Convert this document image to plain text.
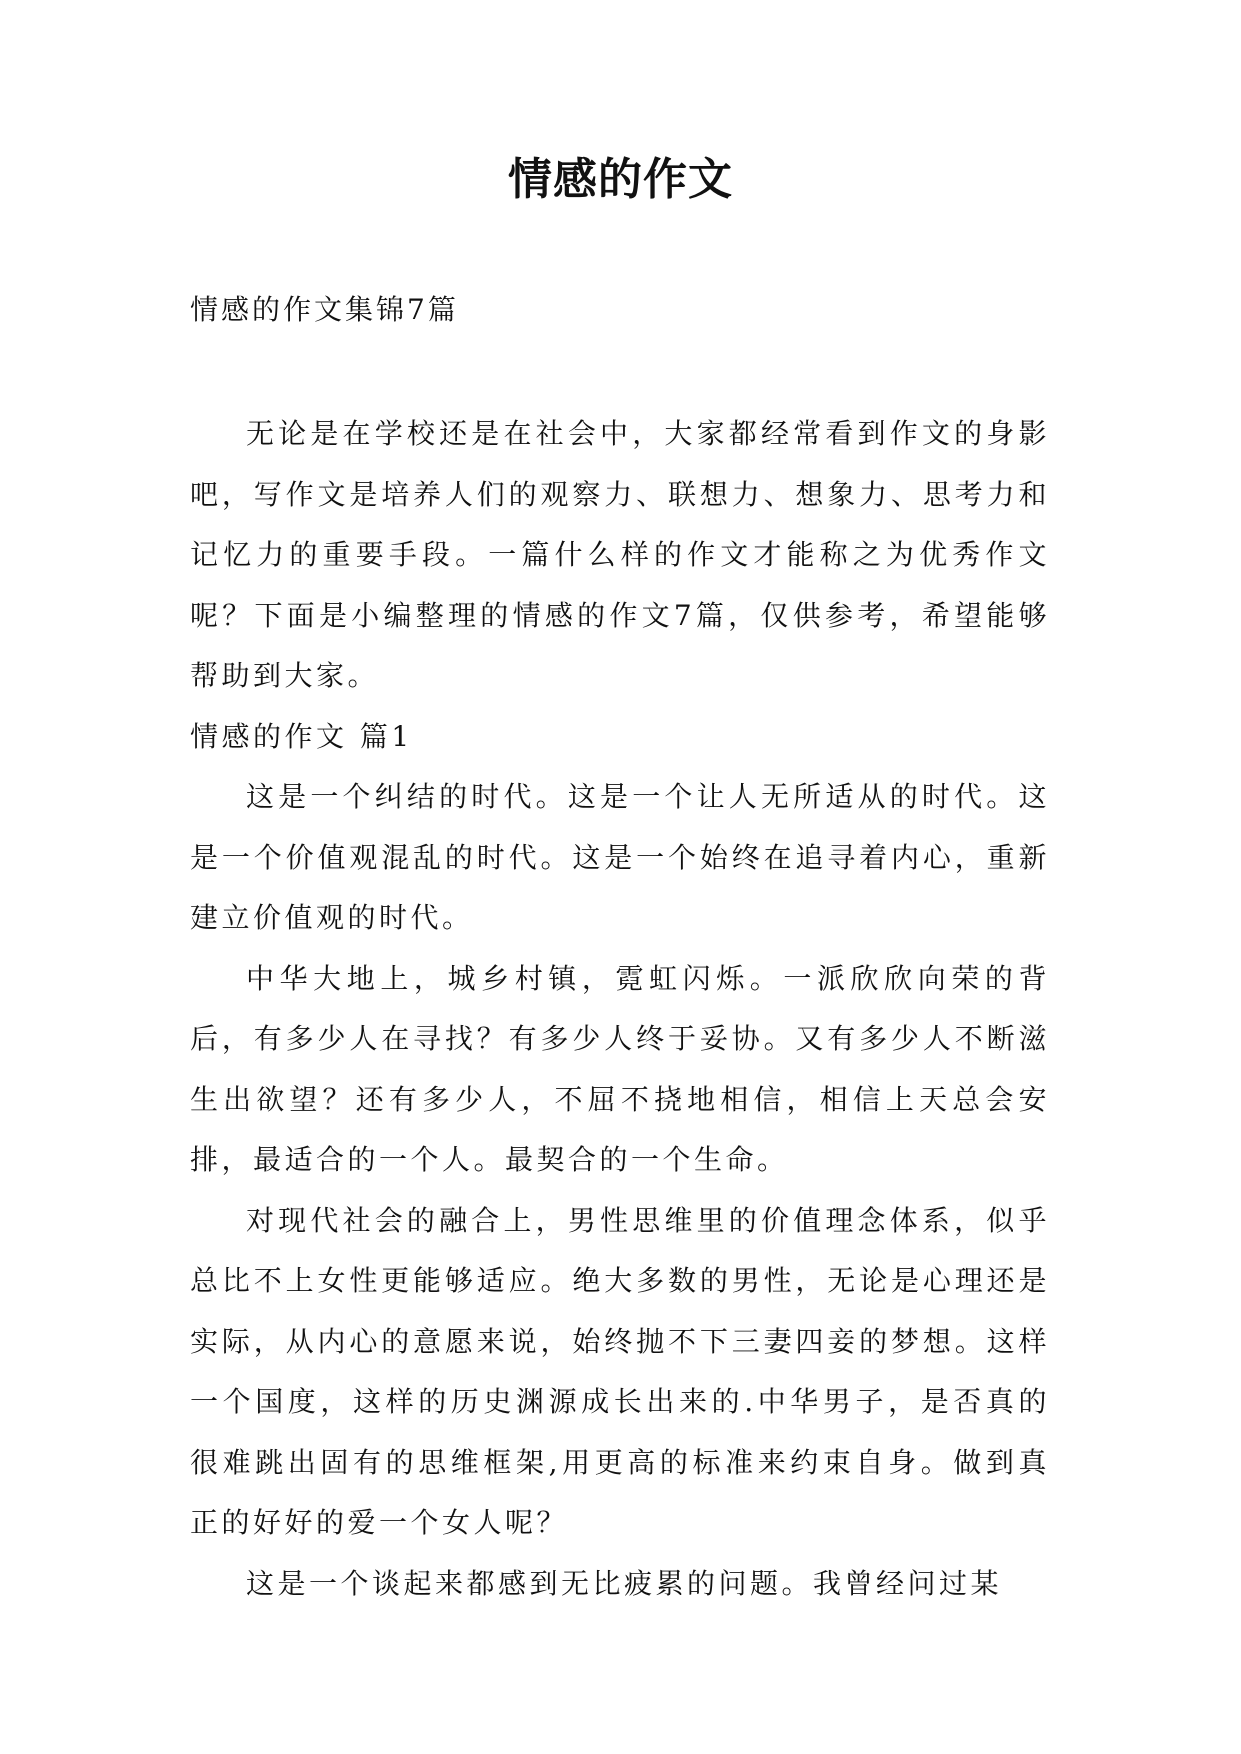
情感的作文
情感的作文集锦7篇

无论是在学校还是在社会中，大家都经常看到作文的身影吧，写作文是培养人们的观察力、联想力、想象力、思考力和记忆力的重要手段。一篇什么样的作文才能称之为优秀作文呢？下面是小编整理的情感的作文7篇，仅供参考，希望能够帮助到大家。

情感的作文 篇1

这是一个纠结的时代。这是一个让人无所适从的时代。这是一个价值观混乱的时代。这是一个始终在追寻着内心，重新建立价值观的时代。

中华大地上，城乡村镇，霓虹闪烁。一派欣欣向荣的背后，有多少人在寻找？有多少人终于妥协。又有多少人不断滋生出欲望？还有多少人，不屈不挠地相信，相信上天总会安排，最适合的一个人。最契合的一个生命。

对现代社会的融合上，男性思维里的价值理念体系，似乎总比不上女性更能够适应。绝大多数的男性，无论是心理还是实际，从内心的意愿来说，始终抛不下三妻四妾的梦想。这样一个国度，这样的历史渊源成长出来的.中华男子，是否真的很难跳出固有的思维框架,用更高的标准来约束自身。做到真正的好好的爱一个女人呢？

这是一个谈起来都感到无比疲累的问题。我曾经问过某
